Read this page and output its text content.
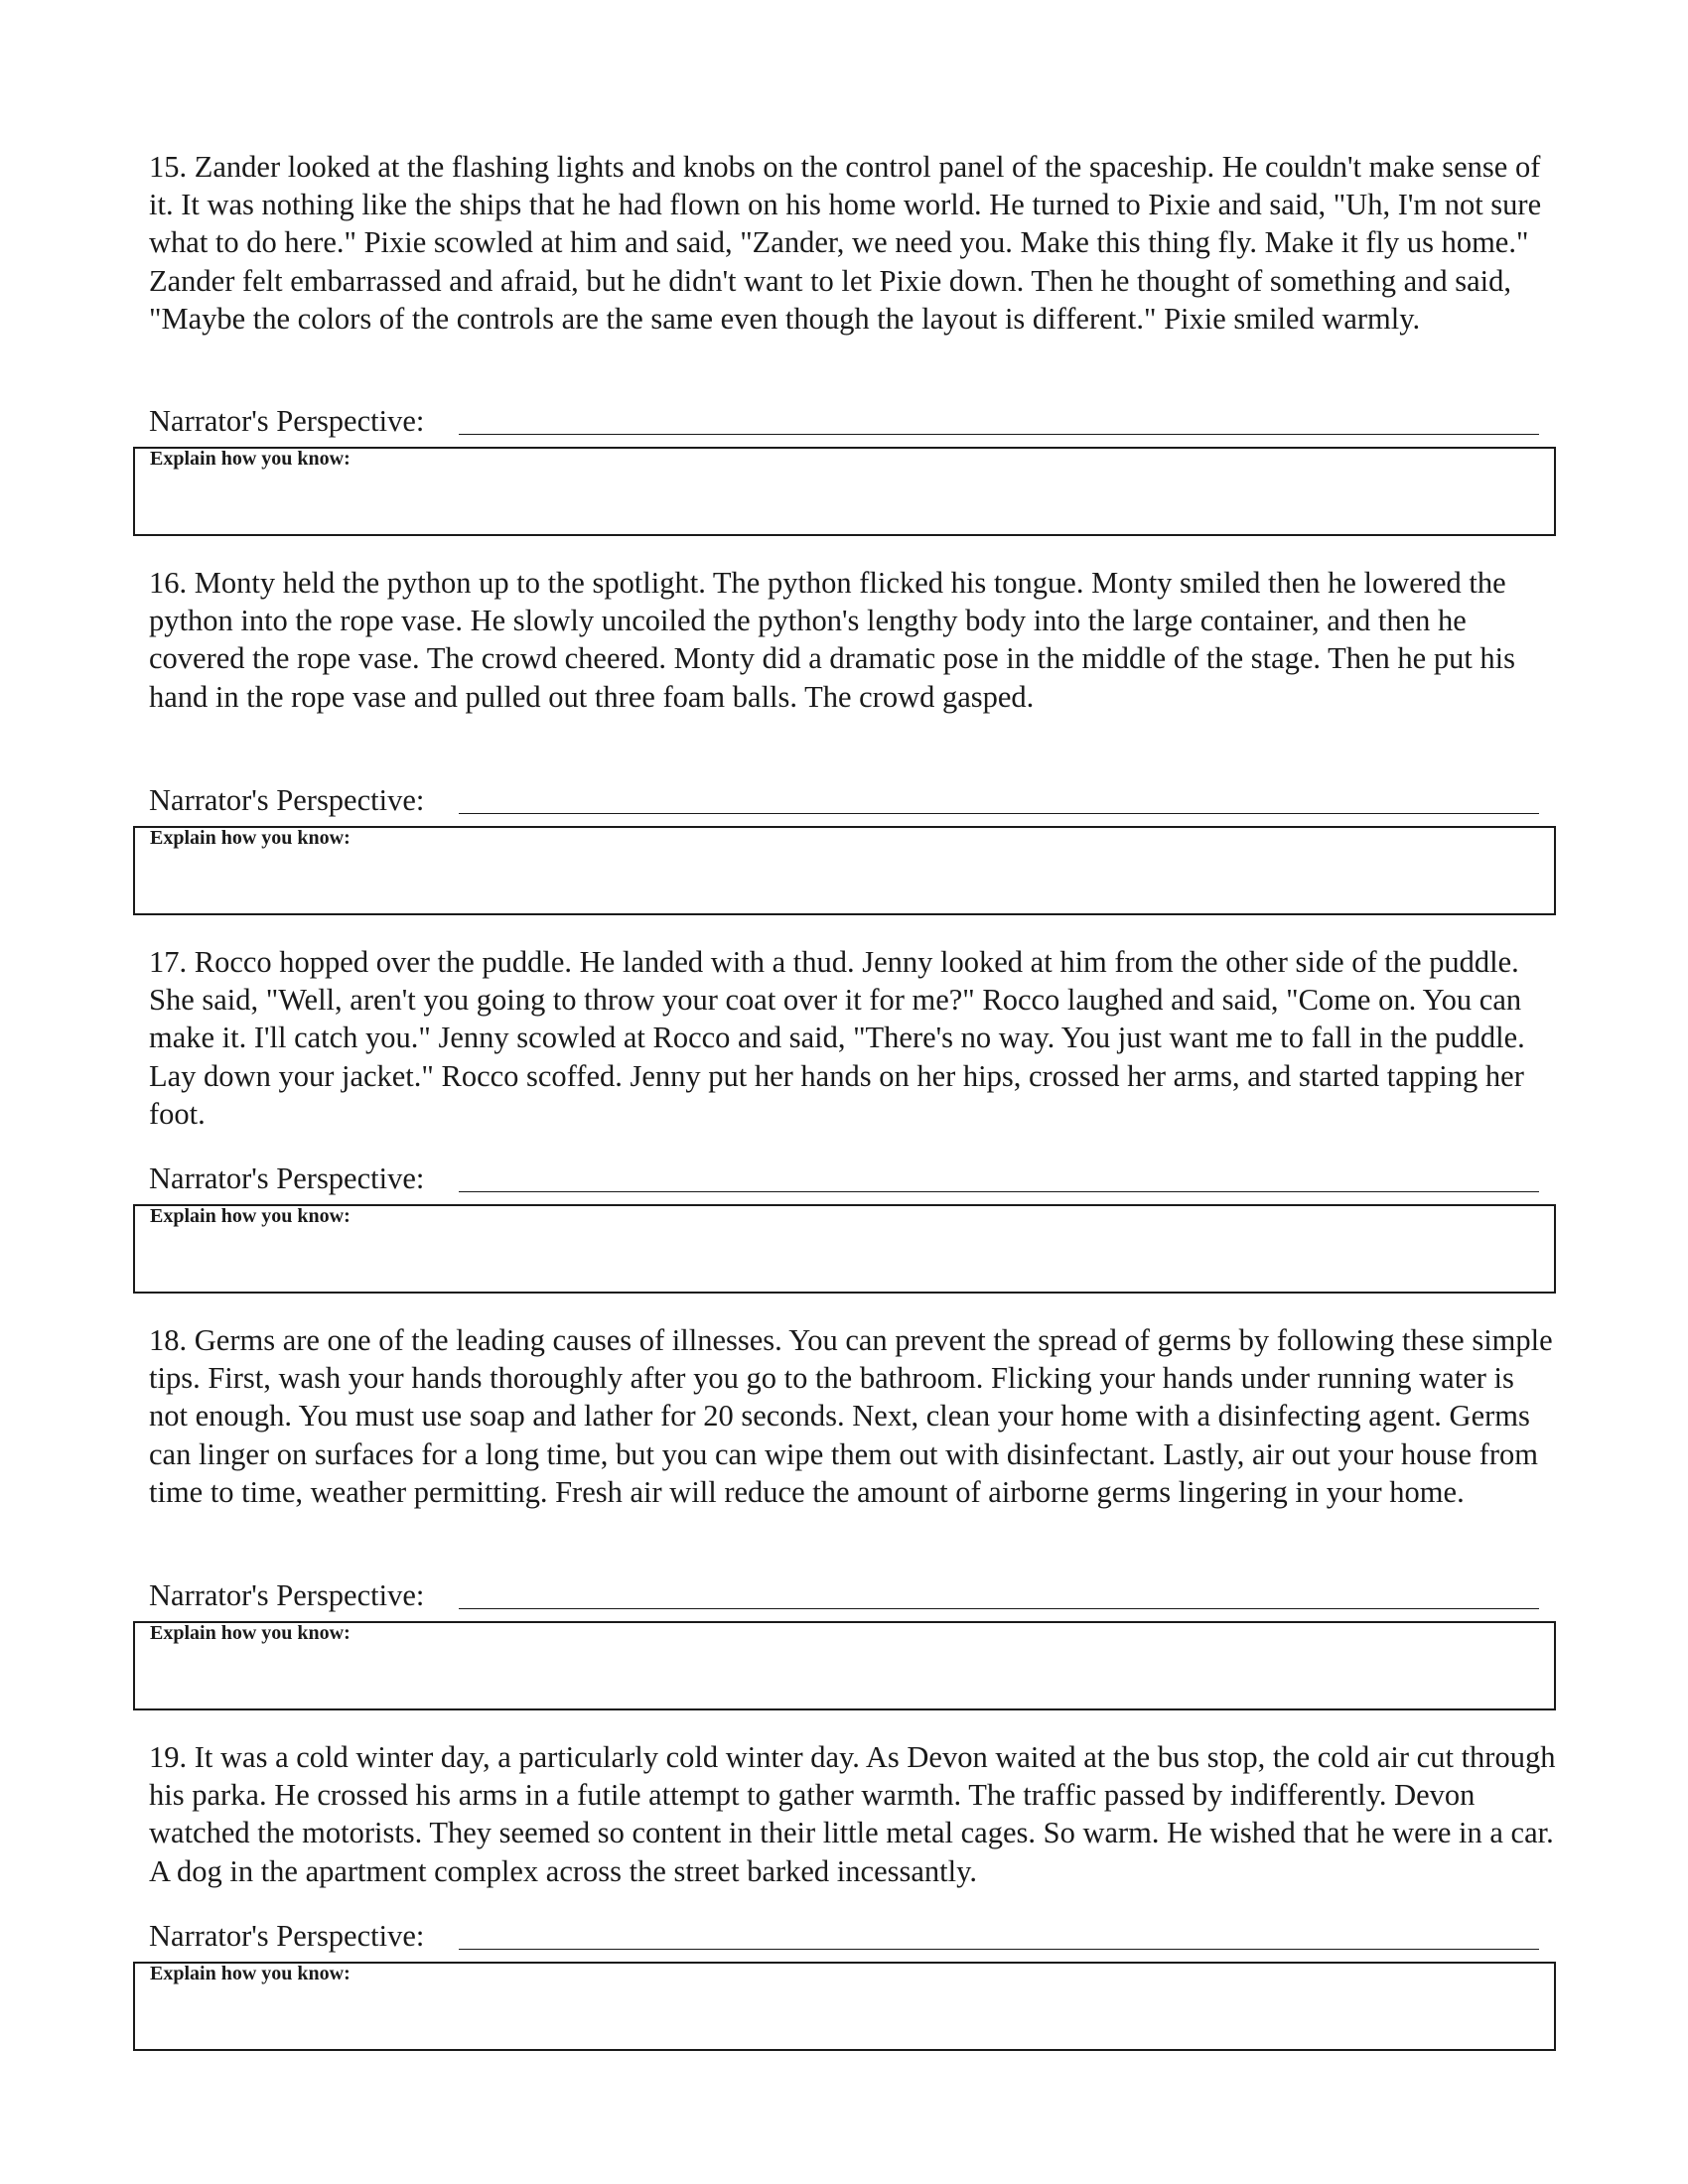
15. Zander looked at the flashing lights and knobs on the control panel of the spaceship. He couldn't make sense of it. It was nothing like the ships that he had flown on his home world. He turned to Pixie and said, "Uh, I'm not sure what to do here." Pixie scowled at him and said, "Zander, we need you. Make this thing fly. Make it fly us home." Zander felt embarrassed and afraid, but he didn't want to let Pixie down. Then he thought of something and said, "Maybe the colors of the controls are the same even though the layout is different." Pixie smiled warmly.

Narrator's Perspective:
Explain how you know:

16. Monty held the python up to the spotlight. The python flicked his tongue. Monty smiled then he lowered the python into the rope vase. He slowly uncoiled the python's lengthy body into the large container, and then he covered the rope vase. The crowd cheered. Monty did a dramatic pose in the middle of the stage. Then he put his hand in the rope vase and pulled out three foam balls. The crowd gasped.

Narrator's Perspective:
Explain how you know:

17. Rocco hopped over the puddle. He landed with a thud. Jenny looked at him from the other side of the puddle. She said, "Well, aren't you going to throw your coat over it for me?" Rocco laughed and said, "Come on. You can make it. I'll catch you." Jenny scowled at Rocco and said, "There's no way. You just want me to fall in the puddle. Lay down your jacket." Rocco scoffed. Jenny put her hands on her hips, crossed her arms, and started tapping her foot.

Narrator's Perspective:
Explain how you know:

18. Germs are one of the leading causes of illnesses. You can prevent the spread of germs by following these simple tips. First, wash your hands thoroughly after you go to the bathroom. Flicking your hands under running water is not enough. You must use soap and lather for 20 seconds. Next, clean your home with a disinfecting agent. Germs can linger on surfaces for a long time, but you can wipe them out with disinfectant. Lastly, air out your house from time to time, weather permitting. Fresh air will reduce the amount of airborne germs lingering in your home.

Narrator's Perspective:
Explain how you know:

19. It was a cold winter day, a particularly cold winter day. As Devon waited at the bus stop, the cold air cut through his parka. He crossed his arms in a futile attempt to gather warmth. The traffic passed by indifferently. Devon watched the motorists. They seemed so content in their little metal cages. So warm. He wished that he were in a car. A dog in the apartment complex across the street barked incessantly.

Narrator's Perspective:
Explain how you know:
